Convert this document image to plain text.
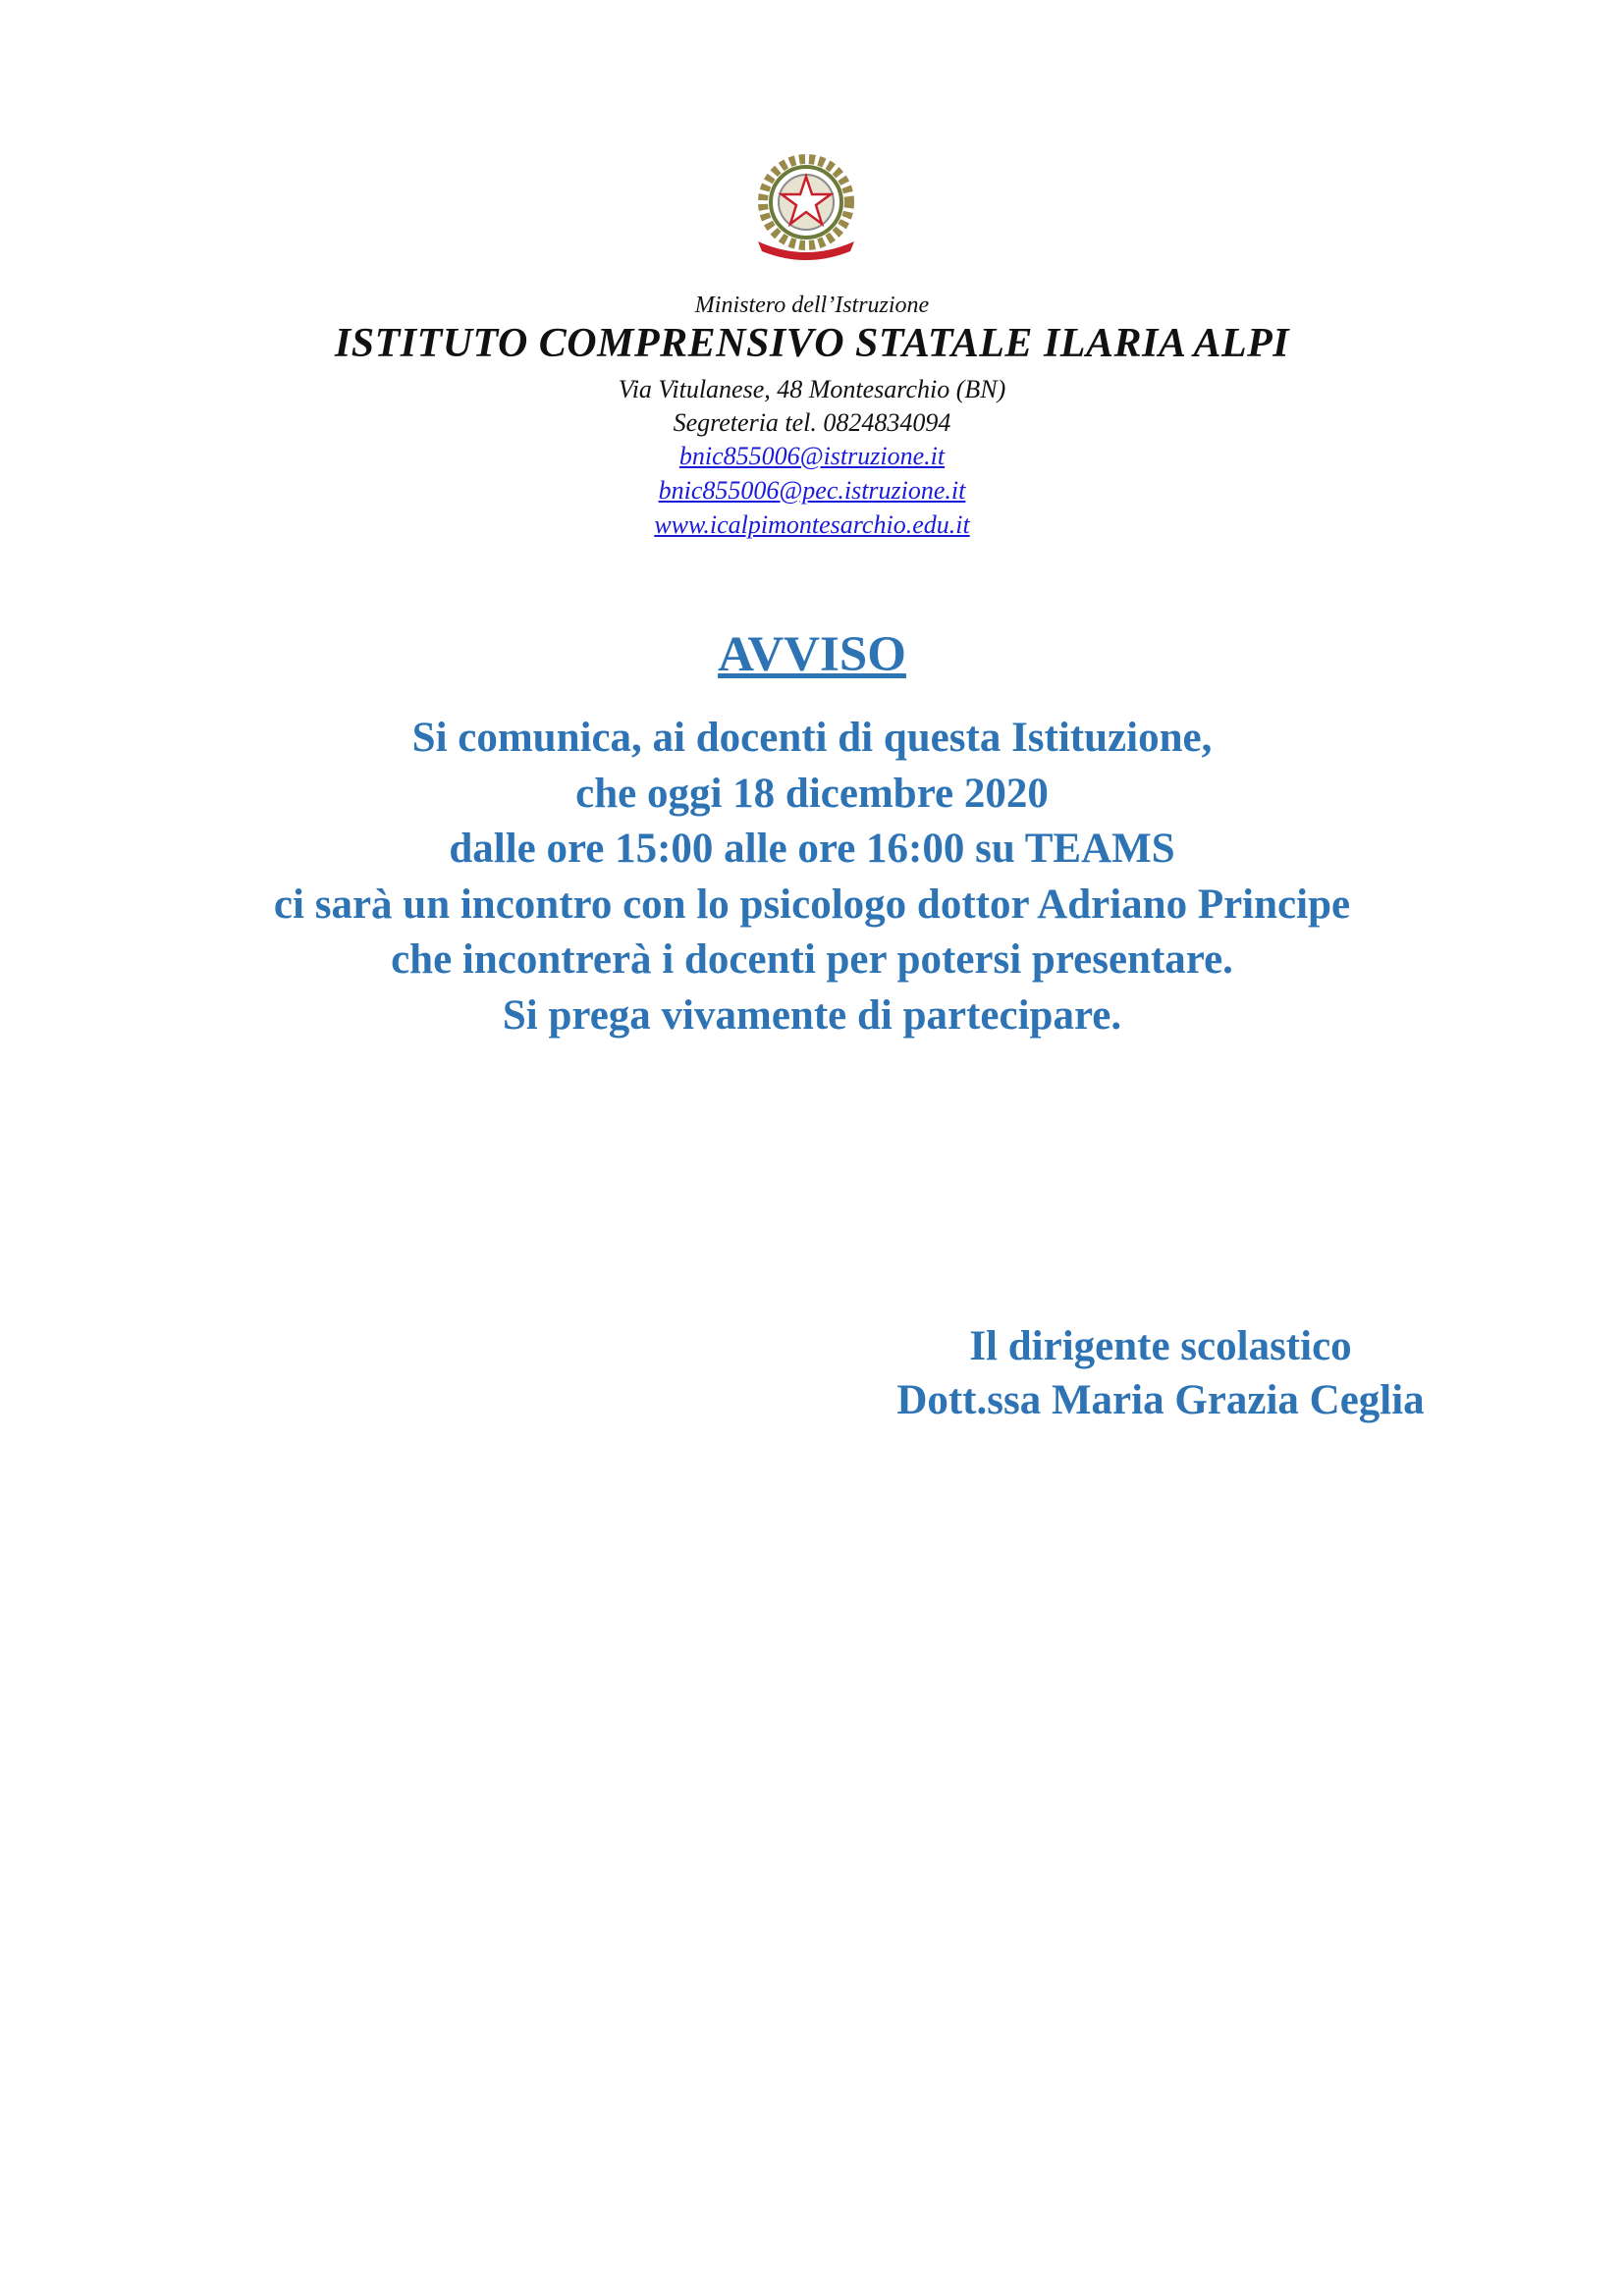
Ministero dell’Istruzione
ISTITUTO COMPRENSIVO STATALE ILARIA ALPI
Via Vitulanese, 48 Montesarchio (BN)
Segreteria tel. 0824834094
bnic855006@istruzione.it
bnic855006@pec.istruzione.it
www.icalpimontesarchio.edu.it
AVVISO
Si comunica, ai docenti di questa Istituzione,
che oggi 18 dicembre 2020
dalle ore 15:00 alle ore 16:00 su TEAMS
ci sarà un incontro con lo psicologo dottor Adriano Principe
che incontrerà i docenti per potersi presentare.
Si prega vivamente di partecipare.
Il dirigente scolastico
Dott.ssa Maria Grazia Ceglia
